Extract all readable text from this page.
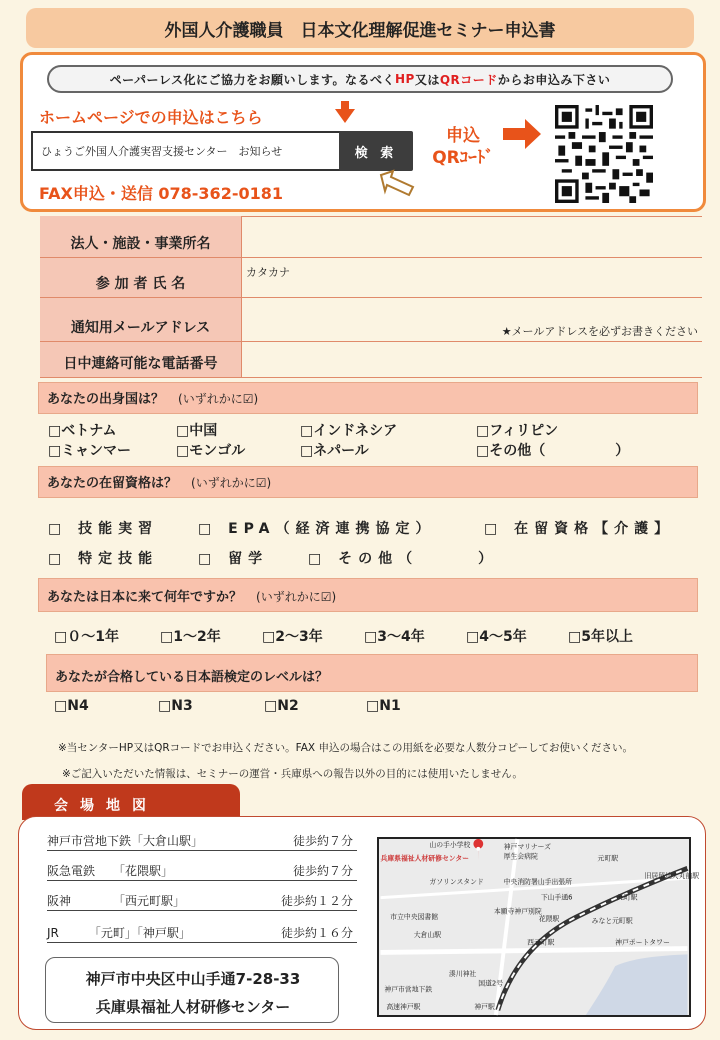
外国人介護職員　日本文化理解促進セミナー申込書
ペーパーレス化にご協力をお願いします。なるべく HP 又は QRコード からお申込み下さい
ホームページでの申込はこちら
ひょうご外国人介護実習支援センター　お知らせ	検 索
FAX申込・送信 078-362-0181
申込
QRｺｰﾄﾞ
法人・施設・事業所名
参 加 者 氏 名
カタカナ
通知用メールアドレス	★メールアドレスを必ずお書きください
日中連絡可能な電話番号
あなたの出身国は？ (いずれかに☑)
□ベトナム	□中国	□インドネシア	□フィリピン
□ミャンマー	□モンゴル	□ネパール	□その他（　　　　　）
あなたの在留資格は？ (いずれかに☑)
□ 技能実習	□ EPA（経済連携協定）	□ 在留資格【介護】
□ 特定技能	□ 留学	□ その他（　　　）
あなたは日本に来て何年ですか？ (いずれかに☑)
□０～1年	□1～2年	□2～3年	□3～4年	□4～5年	□5年以上
あなたが合格している日本語検定のレベルは？
□N4	□N3	□N2	□N1
※当センターHP又はQRコードでお申込ください。FAX 申込の場合はこの用紙を必要な人数分コピーしてお使いください。
※ご記入いただいた情報は、セミナーの運営・兵庫県への報告以外の目的には使用いたしません。
会場地図
神戸市営地下鉄「大倉山駅」	徒歩約７分
阪急電鉄　　「花隈駅」	徒歩約７分
阪神　　　　「西元町駅」	徒歩約１２分
JR　　　「元町」「神戸駅」	徒歩約１６分
神戸市中央区中山手通7-28-33
兵庫県福祉人材研修センター
山の手小学校	神戸マリナーズ
厚生会病院
兵庫県福祉人材研修センター
ガソリンスタンド	中央消防署山手出張所
下山手通6
元町駅
元町駅
旧居留地大丸前駅
市立中央図書館	花隈駅
本願寺神戸別院
みなと元町駅
大倉山駅
西元町駅	神戸ポートタワー
湊川神社
神戸市営地下鉄
高速神戸駅	神戸駅
国道2号
